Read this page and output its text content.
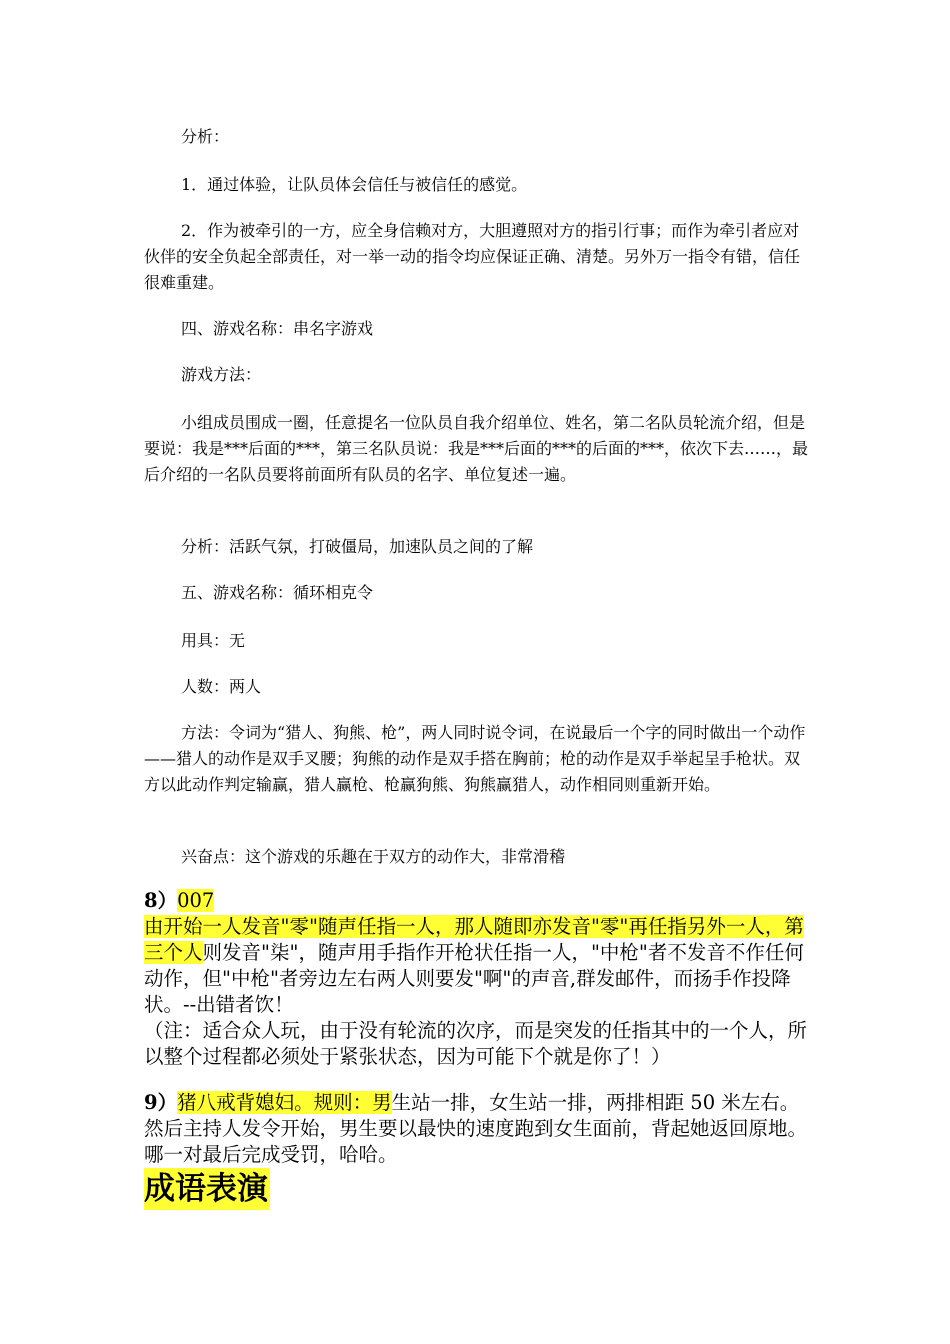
分析：

1．通过体验，让队员体会信任与被信任的感觉。

2．作为被牵引的一方，应全身信赖对方，大胆遵照对方的指引行事；而作为牵引者应对伙伴的安全负起全部责任，对一举一动的指令均应保证正确、清楚。另外万一指令有错，信任很难重建。

四、游戏名称：串名字游戏

游戏方法：

小组成员围成一圈，任意提名一位队员自我介绍单位、姓名，第二名队员轮流介绍，但是要说：我是***后面的***，第三名队员说：我是***后面的***的后面的***，依次下去……，最后介绍的一名队员要将前面所有队员的名字、单位复述一遍。

分析：活跃气氛，打破僵局，加速队员之间的了解

五、游戏名称：循环相克令

用具：无

人数：两人

方法：令词为“猎人、狗熊、枪”，两人同时说令词，在说最后一个字的同时做出一个动作——猎人的动作是双手叉腰；狗熊的动作是双手搭在胸前；枪的动作是双手举起呈手枪状。双方以此动作判定输赢，猎人赢枪、枪赢狗熊、狗熊赢猎人，动作相同则重新开始。

兴奋点：这个游戏的乐趣在于双方的动作大，非常滑稽

8）007

由开始一人发音"零"随声任指一人，那人随即亦发音"零"再任指另外一人，第三个人则发音"柒"，随声用手指作开枪状任指一人，"中枪"者不发音不作任何动作，但"中枪"者旁边左右两人则要发"啊"的声音,群发邮件，而扬手作投降状。--出错者饮！

（注：适合众人玩，由于没有轮流的次序，而是突发的任指其中的一个人，所以整个过程都必须处于紧张状态，因为可能下个就是你了！）

9）猪八戒背媳妇。规则：男生站一排，女生站一排，两排相距 50 米左右。然后主持人发令开始，男生要以最快的速度跑到女生面前，背起她返回原地。哪一对最后完成受罚，哈哈。

成语表演
